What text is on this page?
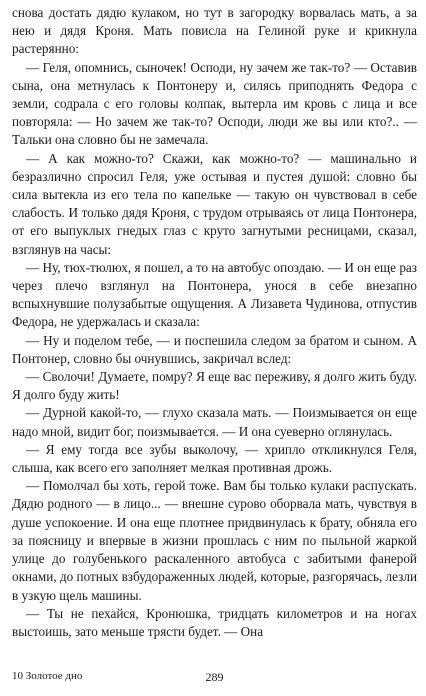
снова достать дядю кулаком, но тут в загородку ворвалась мать, а за нею и дядя Кроня. Мать повисла на Гелиной руке и крикнула растерянно:

— Геля, опомнись, сыночек! Осподи, ну зачем же так-то? — Оставив сына, она метнулась к Понтонеру и, силясь приподнять Федора с земли, содрала с его головы колпак, вытерла им кровь с лица и все повторяла: — Но зачем же так-то? Осподи, люди же вы или кто?.. — Тальки она словно бы не замечала.

— А как можно-то? Скажи, как можно-то? — машинально и безразлично спросил Геля, уже остывая и пустея душой: словно бы сила вытекла из его тела по капельке — такую он чувствовал в себе слабость. И только дядя Кроня, с трудом отрываясь от лица Понтонера, от его выпуклых гнедых глаз с круто загнутыми ресницами, сказал, взглянув на часы:

— Ну, тюх-тюлюх, я пошел, а то на автобус опоздаю. — И он еще раз через плечо взглянул на Понтонера, унося в себе внезапно вспыхнувшие полузабытые ощущения. А Лизавета Чудинова, отпустив Федора, не удержалась и сказала:

— Ну и поделом тебе, — и поспешила следом за братом и сыном. А Понтонер, словно бы очнувшись, закричал вслед:

— Сволочи! Думаете, помру? Я еще вас переживу, я долго жить буду. Я долго буду жить!

— Дурной какой-то, — глухо сказала мать. — Поизмывается он еще надо мной, видит бог, поизмывается. — И она суеверно оглянулась.

— Я ему тогда все зубы выколочу, — хрипло откликнулся Геля, слыша, как всего его заполняет мелкая противная дрожь.

— Помолчал бы хоть, герой тоже. Вам бы только кулаки распускать. Дядю родного — в лицо... — внешне сурово оборвала мать, чувствуя в душе успокоение. И она еще плотнее придвинулась к брату, обняла его за поясницу и впервые в жизни прошлась с ним по пыльной жаркой улице до голубенького раскаленного автобуса с забитыми фанерой окнами, до потных взбудораженных людей, которые, разгорячась, лезли в узкую щель машины.

— Ты не пехайся, Кронюшка, тридцать километров и на ногах выстоишь, зато меньше трясти будет. — Она

10 Золотое дно	289
